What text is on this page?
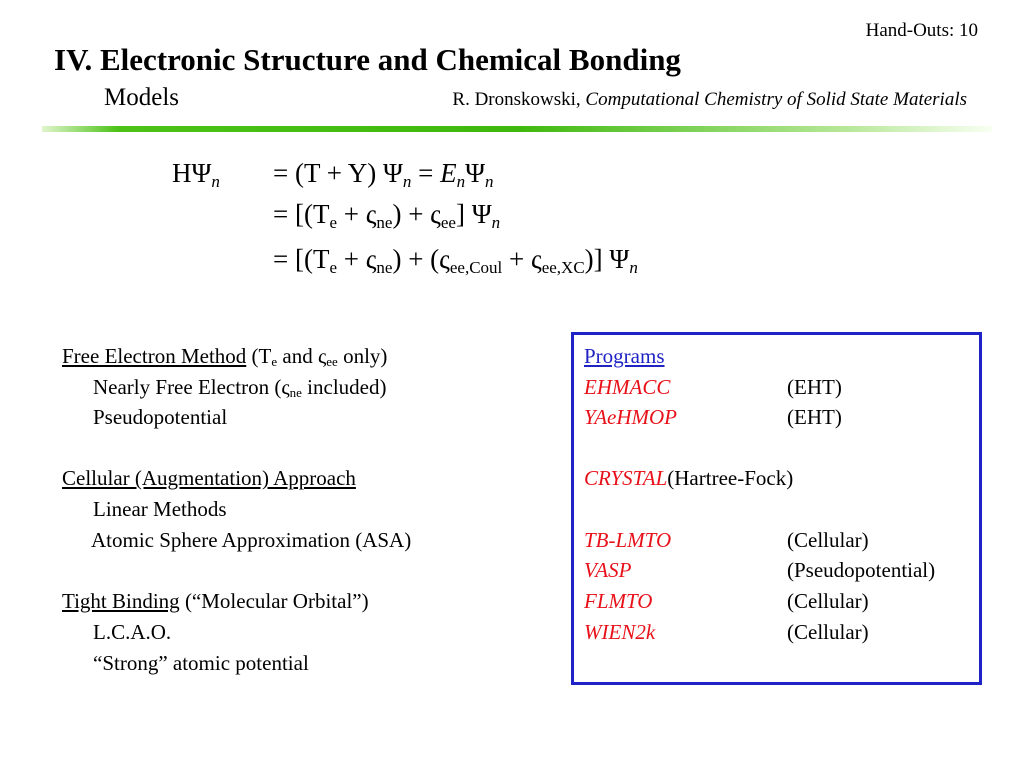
Hand-Outs: 10
IV. Electronic Structure and Chemical Bonding
Models	R. Dronskowski, Computational Chemistry of Solid State Materials
$H\Psi_n = (T + Y) \Psi_n = E_n\Psi_n$
= $[(T_e + \varsigma_{ne}) + \varsigma_{ee}]$ $\Psi_n$
= $[(T_e + \varsigma_{ne}) + (\varsigma_{ee,Coul} + \varsigma_{ee,XC})]$ $\Psi_n$
Free Electron Method ($T_e$ and $\varsigma_{ee}$ only)
Nearly Free Electron ($\varsigma_{ne}$ included)
Pseudopotential
Cellular (Augmentation) Approach
Linear Methods
Atomic Sphere Approximation (ASA)
Tight Binding (“Molecular Orbital”)
L.C.A.O.
“Strong” atomic potential
Programs
EHMACC	(EHT)
YAeHMOP	(EHT)
CRYSTAL(Hartree-Fock)
TB-LMTO	(Cellular)
VASP	(Pseudopotential)
FLMTO	(Cellular)
WIEN2k	(Cellular)
